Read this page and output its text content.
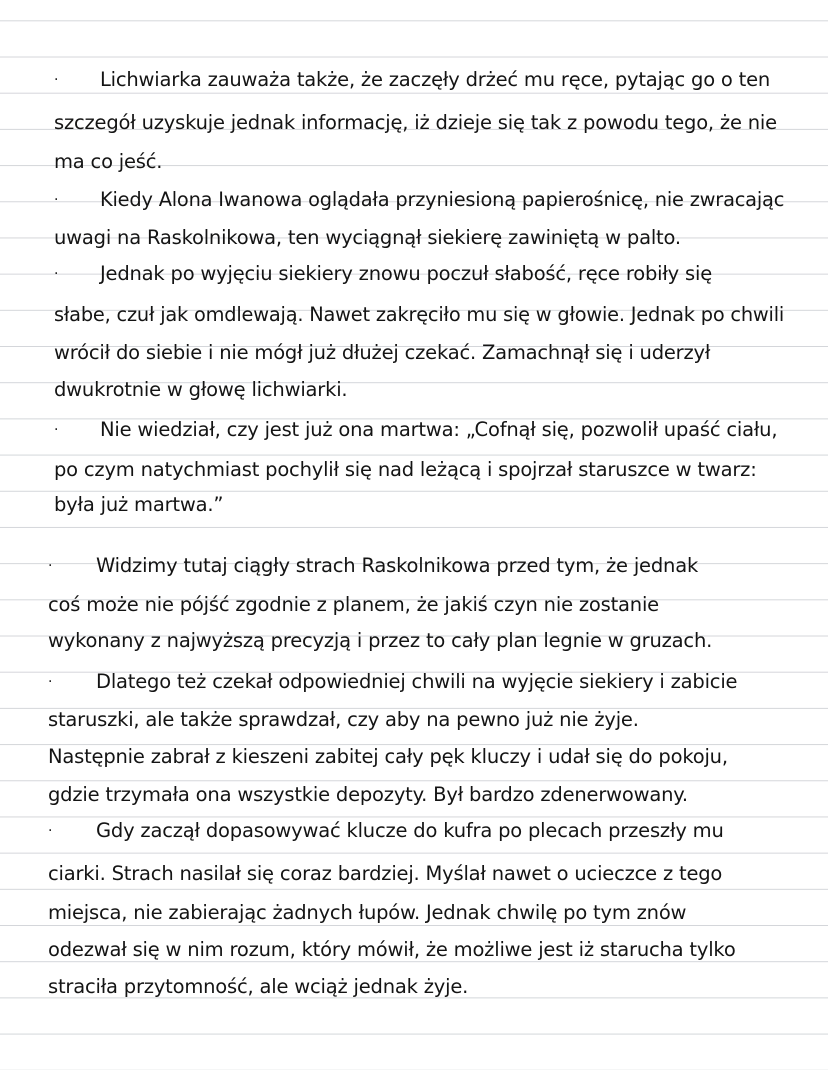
· Lichwiarka zauważa także, że zaczęły drżeć mu ręce, pytając go o ten
szczegół uzyskuje jednak informację, iż dzieje się tak z powodu tego, że nie
ma co jeść.
· Kiedy Alona Iwanowa oglądała przyniesioną papierośnicę, nie zwracając
uwagi na Raskolnikowa, ten wyciągnął siekierę zawiniętą w palto.
· Jednak po wyjęciu siekiery znowu poczuł słabość, ręce robiły się
słabe, czuł jak omdlewają. Nawet zakręciło mu się w głowie. Jednak po chwili
wrócił do siebie i nie mógł już dłużej czekać. Zamachnął się i uderzył
dwukrotnie w głowę lichwiarki.
· Nie wiedział, czy jest już ona martwa: „Cofnął się, pozwolił upaść ciału,
po czym natychmiast pochylił się nad leżącą i spojrzał staruszce w twarz:
była już martwa.”
· Widzimy tutaj ciągły strach Raskolnikowa przed tym, że jednak
coś może nie pójść zgodnie z planem, że jakiś czyn nie zostanie
wykonany z najwyższą precyzją i przez to cały plan legnie w gruzach.
· Dlatego też czekał odpowiedniej chwili na wyjęcie siekiery i zabicie
staruszki, ale także sprawdzał, czy aby na pewno już nie żyje.
Następnie zabrał z kieszeni zabitej cały pęk kluczy i udał się do pokoju,
gdzie trzymała ona wszystkie depozyty. Był bardzo zdenerwowany.
· Gdy zaczął dopasowywać klucze do kufra po plecach przeszły mu
ciarki. Strach nasilał się coraz bardziej. Myślał nawet o ucieczce z tego
miejsca, nie zabierając żadnych łupów. Jednak chwilę po tym znów
odezwał się w nim rozum, który mówił, że możliwe jest iż starucha tylko
straciła przytomność, ale wciąż jednak żyje.
